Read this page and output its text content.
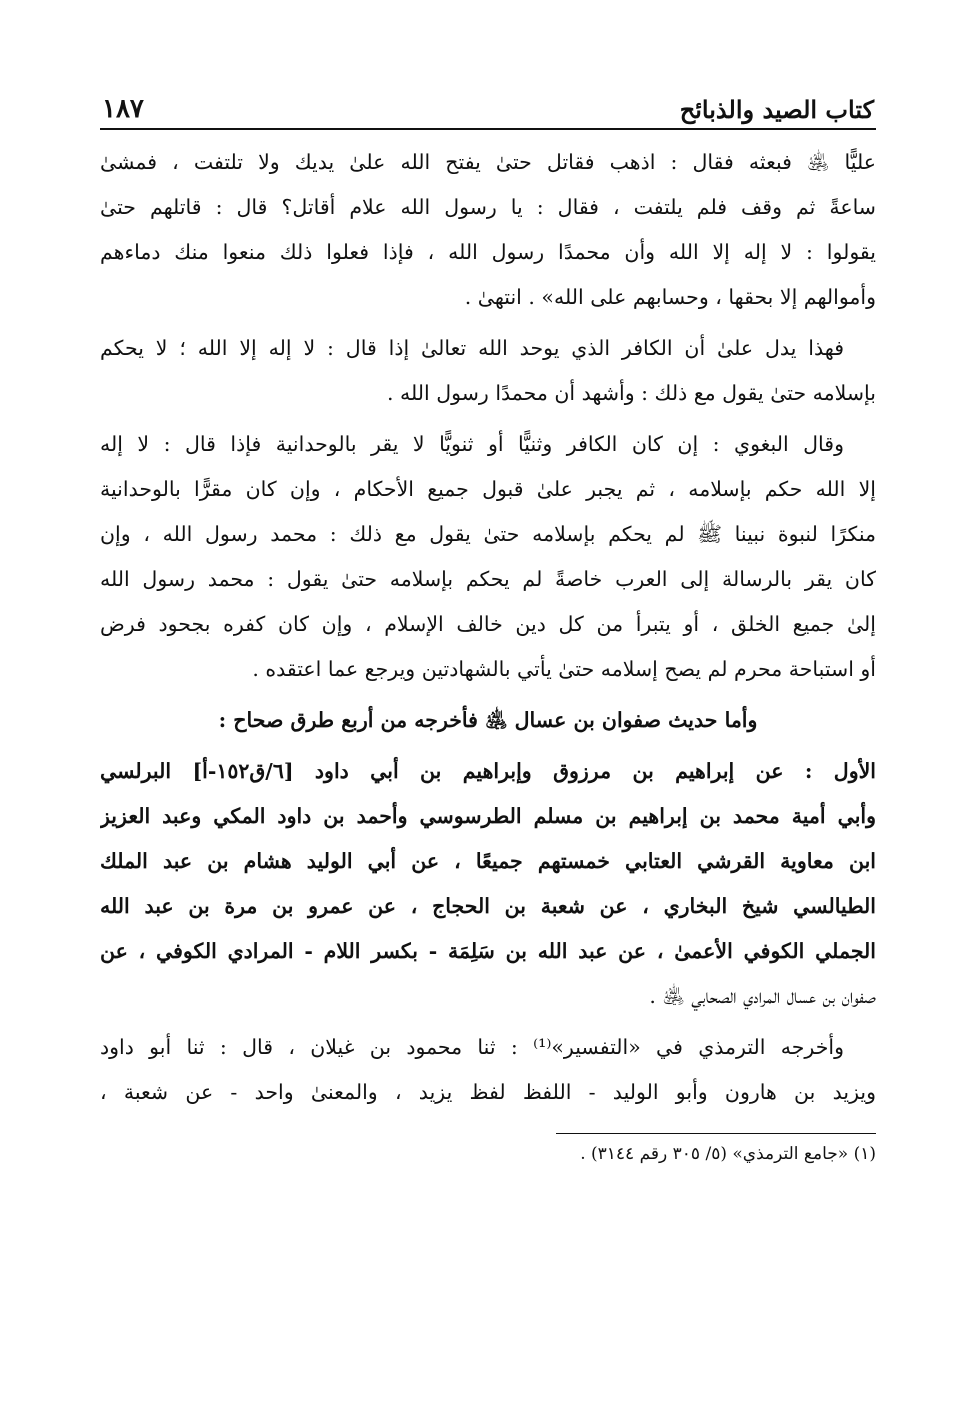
كتاب الصيد والذبائح
١٨٧
عليًّا ﵁ فبعثه فقال : اذهب فقاتل حتىٰ يفتح الله علىٰ يديك ولا تلتفت ، فمشىٰ
ساعةً ثم وقف فلم يلتفت ، فقال : يا رسول الله علام أقاتل؟ قال : قاتلهم حتىٰ
يقولوا : لا إله إلا الله وأن محمدًا رسول الله ، فإذا فعلوا ذلك منعوا منك دماءهم
وأموالهم إلا بحقها ، وحسابهم على الله» . انتهىٰ .
فهذا يدل علىٰ أن الكافر الذي يوحد الله تعالىٰ إذا قال : لا إله إلا الله ؛ لا يحكم
بإسلامه حتىٰ يقول مع ذلك : وأشهد أن محمدًا رسول الله .
وقال البغوي : إن كان الكافر وثنيًّا أو ثنويًّا لا يقر بالوحدانية فإذا قال : لا إله
إلا الله حكم بإسلامه ، ثم يجبر علىٰ قبول جميع الأحكام ، وإن كان مقرًّا بالوحدانية
منكرًا لنبوة نبينا ﷺ لم يحكم بإسلامه حتىٰ يقول مع ذلك : محمد رسول الله ، وإن
كان يقر بالرسالة إلى العرب خاصةً لم يحكم بإسلامه حتىٰ يقول : محمد رسول الله
إلىٰ جميع الخلق ، أو يتبرأ من كل دين خالف الإسلام ، وإن كان كفره بجحود فرض
أو استباحة محرم لم يصح إسلامه حتىٰ يأتي بالشهادتين ويرجع عما اعتقده .
وأما حديث صفوان بن عسال ﵁ فأخرجه من أربع طرق صحاح :
الأول : عن إبراهيم بن مرزوق وإبراهيم بن أبي داود [٦/ق١٥٢-أ] البرلسي
وأبي أمية محمد بن إبراهيم بن مسلم الطرسوسي وأحمد بن داود المكي وعبد العزيز
ابن معاوية القرشي العتابي خمستهم جميعًا ، عن أبي الوليد هشام بن عبد الملك
الطيالسي شيخ البخاري ، عن شعبة بن الحجاج ، عن عمرو بن مرة بن عبد الله
الجملي الكوفي الأعمىٰ ، عن عبد الله بن سَلِمَة - بكسر اللام - المرادي الكوفي ، عن
صفوان بن عسال المرادي الصحابي ﵁ .
وأخرجه الترمذي في «التفسير»⁽¹⁾ : ثنا محمود بن غيلان ، قال : ثنا أبو داود
ويزيد بن هارون وأبو الوليد - اللفظ لفظ يزيد ، والمعنىٰ واحد - عن شعبة ،
(١) «جامع الترمذي» (٥/ ٣٠٥ رقم ٣١٤٤) .
